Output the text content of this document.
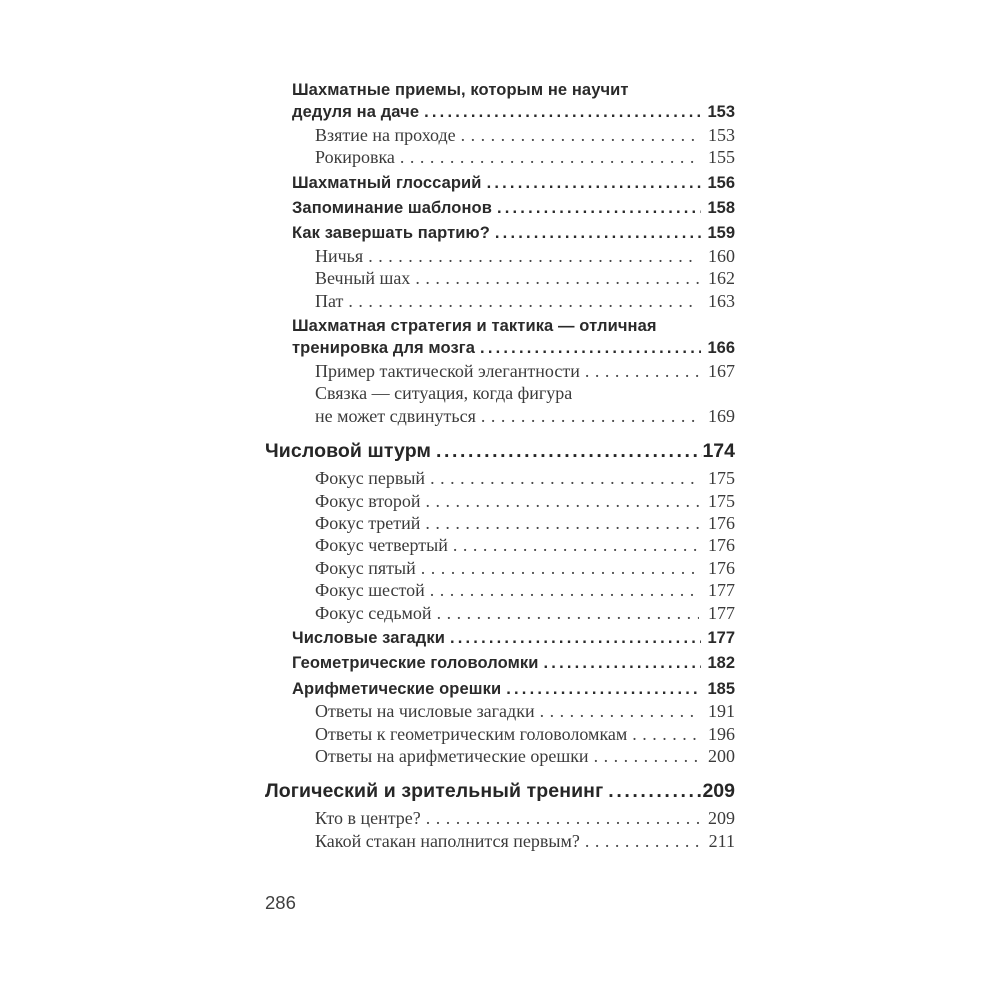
Шахматные приемы, которым не научит
дедуля на даче .....	153
Взятие на проходе .....	153
Рокировка .....	155
Шахматный глоссарий .....	156
Запоминание шаблонов .....	158
Как завершать партию? .....	159
Ничья .....	160
Вечный шах .....	162
Пат .....	163
Шахматная стратегия и тактика — отличная
тренировка для мозга .....	166
Пример тактической элегантности .....	167
Связка — ситуация, когда фигура
не может сдвинуться .....	169
Числовой штурм .....	174
Фокус первый .....	175
Фокус второй .....	175
Фокус третий .....	176
Фокус четвертый .....	176
Фокус пятый .....	176
Фокус шестой .....	177
Фокус седьмой .....	177
Числовые загадки .....	177
Геометрические головоломки .....	182
Арифметические орешки .....	185
Ответы на числовые загадки .....	191
Ответы к геометрическим головоломкам .....	196
Ответы на арифметические орешки .....	200
Логический и зрительный тренинг .....	209
Кто в центре? .....	209
Какой стакан наполнится первым? .....	211
286
